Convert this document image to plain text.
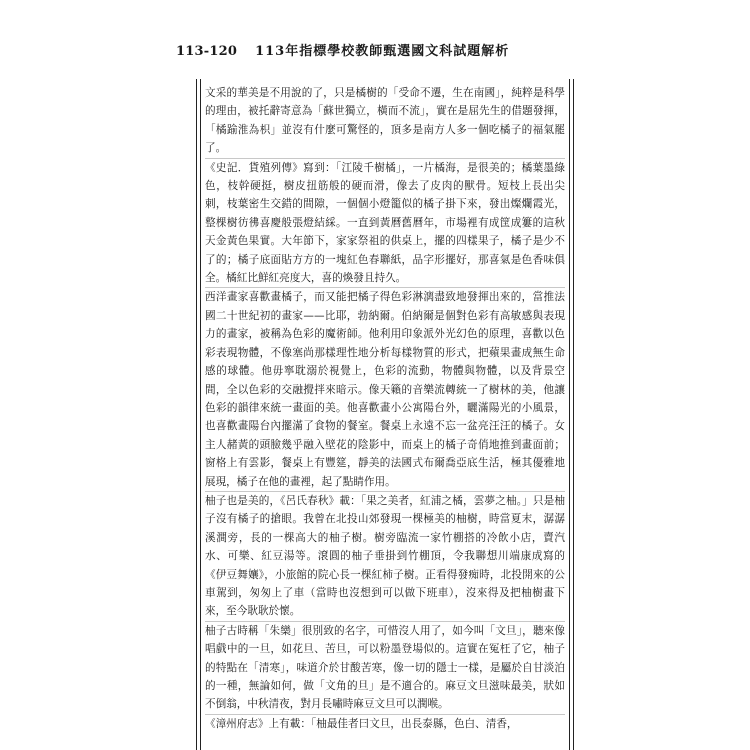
113-120 113年指標學校教師甄選國文科試題解析

文采的華美是不用說的了，只是橘樹的「受命不遷，生在南國」，純粹是科學的理由，被托辭寄意為「蘇世獨立，橫而不流」，實在是屈先生的借題發揮，「橘踰淮為枳」並沒有什麼可驚怪的，頂多是南方人多一個吃橘子的福氣罷了。

《史記．貨殖列傳》寫到：「江陵千樹橘」，一片橘海，是很美的；橘葉墨綠色，枝幹硬挺，樹皮扭筋般的硬而滑，像去了皮肉的獸骨。短枝上長出尖刺，枝葉密生交錯的間隙，一個個小燈籠似的橘子掛下來，發出燦爛霞光，整棵樹彷彿喜慶般張燈結綵。一直到黃曆舊曆年，市場裡有成筐成簍的這秋天金黃色果實。大年節下，家家祭祖的供桌上，擺的四樣果子，橘子是少不了的；橘子底面貼方方的一塊紅色春聯紙，品字形擺好，那喜氣是色香味俱全。橘紅比鮮紅亮度大，喜的煥發且持久。

西洋畫家喜歡畫橘子，而又能把橘子得色彩淋漓盡致地發揮出來的，當推法國二十世紀初的畫家——比耶，勃納爾。伯納爾是個對色彩有高敏感與表現力的畫家，被稱為色彩的魔術師。他利用印象派外光幻色的原理，喜歡以色彩表現物體，不像塞尚那樣理性地分析每樣物質的形式，把蘋果畫成無生命感的球體。他毋寧耽溺於視覺上，色彩的流動，物體與物體，以及背景空間，全以色彩的交融攪拌來暗示。像天籟的音樂流轉統一了樹林的美，他讓色彩的韻律來統一畫面的美。他喜歡畫小公寓陽台外，曬滿陽光的小風景，也喜歡畫陽台內擺滿了食物的餐室。餐桌上永遠不忘一盆亮汪汪的橘子。女主人赭黃的頭臉幾乎融入壁花的陰影中，而桌上的橘子奇俏地推到畫面前；窗格上有雲影，餐桌上有豐筵，靜美的法國式布爾喬亞底生活，極其優雅地展現，橘子在他的畫裡，起了點睛作用。

柚子也是美的，《呂氏春秋》載：「果之美者，紅浦之橘，雲夢之柚。」只是柚子沒有橘子的搶眼。我曾在北投山郊發現一棵極美的柚樹，時當夏末，潺潺溪澗旁，長的一棵高大的柚子樹。樹旁臨流一家竹棚搭的冷飲小店，賣汽水、可樂、紅豆湯等。滾圓的柚子垂掛到竹棚頂，令我聯想川端康成寫的《伊豆舞孃》，小旅館的院心長一棵紅柿子樹。正看得發痴時，北投開來的公車駕到，匆匆上了車（當時也沒想到可以做下班車），沒來得及把柚樹畫下來，至今耿耿於懷。

柚子古時稱「朱欒」很別致的名字，可惜沒人用了，如今叫「文旦」，聽來像唱戲中的一旦，如花旦、苦旦，可以粉墨登場似的。這實在冤枉了它，柚子的特點在「清寒」，味道介於甘酸苦寒，像一切的隱士一樣，是屬於自甘淡泊的一種，無論如何，做「文角的旦」是不適合的。麻豆文旦滋味最美，狀如不倒翁，中秋清夜，對月長嘯時麻豆文旦可以潤喉。

《漳州府志》上有載：「柚最佳者曰文旦，出長泰縣，色白、清香，
